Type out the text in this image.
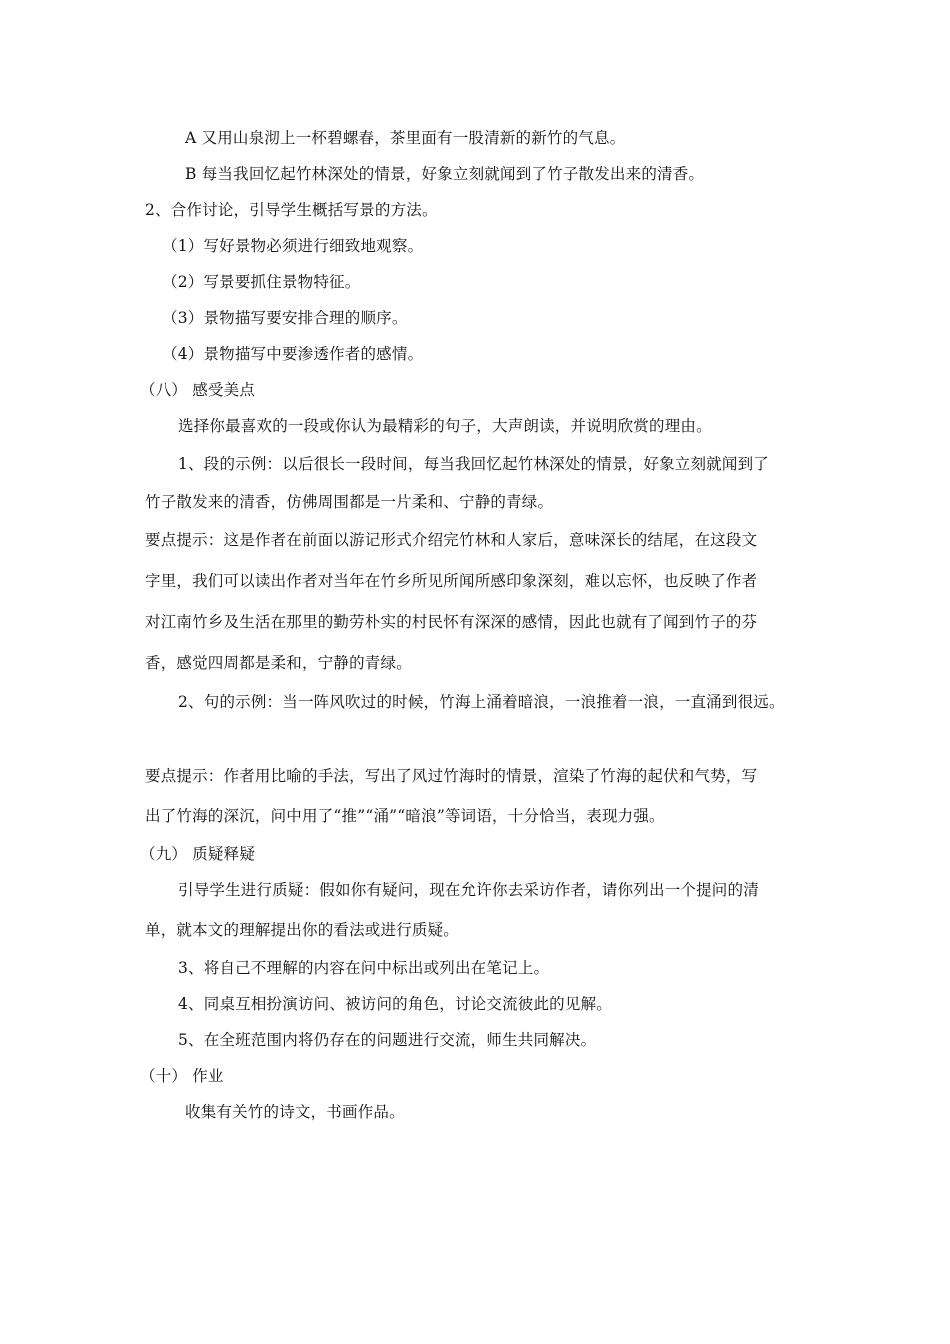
A 又用山泉沏上一杯碧螺春，茶里面有一股清新的新竹的气息。
B 每当我回忆起竹林深处的情景，好象立刻就闻到了竹子散发出来的清香。
2、合作讨论，引导学生概括写景的方法。
（1）写好景物必须进行细致地观察。
（2）写景要抓住景物特征。
（3）景物描写要安排合理的顺序。
（4）景物描写中要渗透作者的感情。
（八） 感受美点
选择你最喜欢的一段或你认为最精彩的句子，大声朗读，并说明欣赏的理由。
1、段的示例：以后很长一段时间，每当我回忆起竹林深处的情景，好象立刻就闻到了
竹子散发来的清香，仿佛周围都是一片柔和、宁静的青绿。
要点提示：这是作者在前面以游记形式介绍完竹林和人家后，意味深长的结尾，在这段文
字里，我们可以读出作者对当年在竹乡所见所闻所感印象深刻，难以忘怀，也反映了作者
对江南竹乡及生活在那里的勤劳朴实的村民怀有深深的感情，因此也就有了闻到竹子的芬
香，感觉四周都是柔和，宁静的青绿。
2、句的示例：当一阵风吹过的时候，竹海上涌着暗浪，一浪推着一浪，一直涌到很远。
要点提示：作者用比喻的手法，写出了风过竹海时的情景，渲染了竹海的起伏和气势，写
出了竹海的深沉，问中用了“推”“涌”“暗浪”等词语，十分恰当，表现力强。
（九） 质疑释疑
引导学生进行质疑：假如你有疑问，现在允许你去采访作者，请你列出一个提问的清
单，就本文的理解提出你的看法或进行质疑。
3、将自己不理解的内容在问中标出或列出在笔记上。
4、同桌互相扮演访问、被访问的角色，讨论交流彼此的见解。
5、在全班范围内将仍存在的问题进行交流，师生共同解决。
（十） 作业
收集有关竹的诗文，书画作品。
